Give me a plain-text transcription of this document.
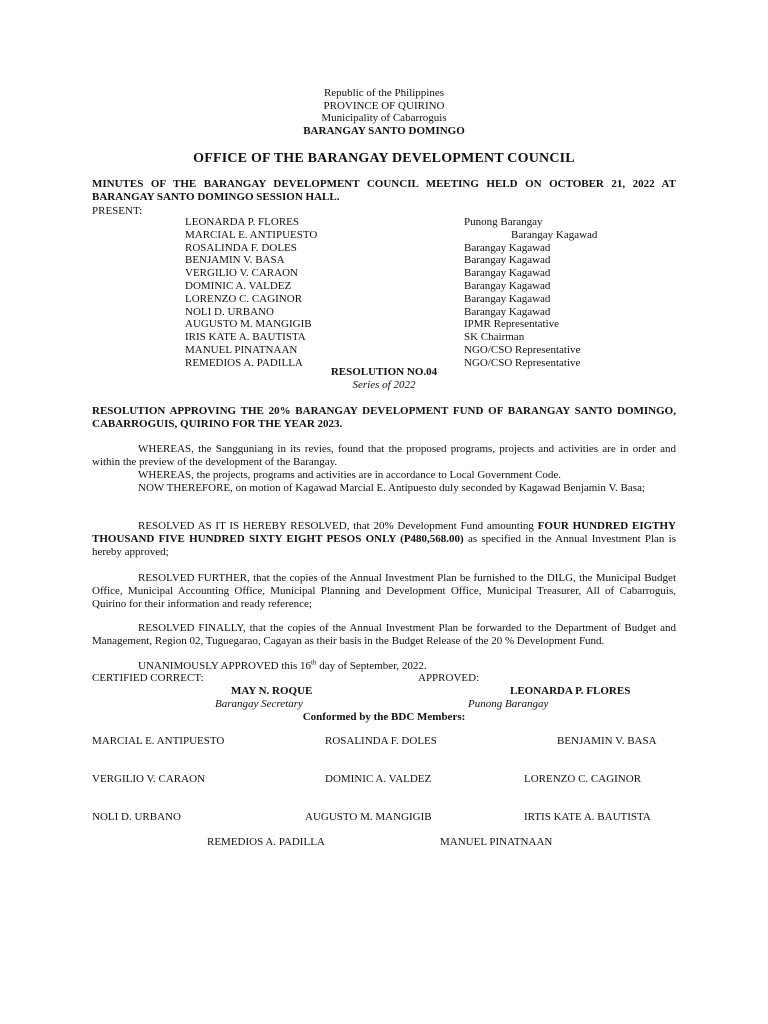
Republic of the Philippines
PROVINCE OF QUIRINO
Municipality of Cabarroguis
BARANGAY SANTO DOMINGO
OFFICE OF THE BARANGAY DEVELOPMENT COUNCIL
MINUTES OF THE BARANGAY DEVELOPMENT COUNCIL MEETING HELD ON OCTOBER 21, 2022 AT BARANGAY SANTO DOMINGO SESSION HALL.
PRESENT:
LEONARDA P. FLORES	Punong Barangay
MARCIAL E. ANTIPUESTO	Barangay Kagawad
ROSALINDA F. DOLES	Barangay Kagawad
BENJAMIN V. BASA	Barangay Kagawad
VERGILIO V. CARAON	Barangay Kagawad
DOMINIC A. VALDEZ	Barangay Kagawad
LORENZO C. CAGINOR	Barangay Kagawad
NOLI D. URBANO	Barangay Kagawad
AUGUSTO M. MANGIGIB	IPMR Representative
IRIS KATE A. BAUTISTA	SK Chairman
MANUEL PINATNAAN	NGO/CSO Representative
REMEDIOS A. PADILLA	NGO/CSO Representative
RESOLUTION NO.04
Series of 2022
RESOLUTION APPROVING THE 20% BARANGAY DEVELOPMENT FUND OF BARANGAY SANTO DOMINGO, CABARROGUIS, QUIRINO FOR THE YEAR 2023.
WHEREAS, the Sangguniang in its revies, found that the proposed programs, projects and activities are in order and within the preview of the development of the Barangay.
WHEREAS, the projects, programs and activities are in accordance to Local Government Code.
NOW THEREFORE, on motion of Kagawad Marcial E. Antipuesto duly seconded by Kagawad Benjamin V. Basa;
RESOLVED AS IT IS HEREBY RESOLVED, that 20% Development Fund amounting FOUR HUNDRED EIGTHY THOUSAND FIVE HUNDRED SIXTY EIGHT PESOS ONLY (P480,568.00) as specified in the Annual Investment Plan is hereby approved;
RESOLVED FURTHER, that the copies of the Annual Investment Plan be furnished to the DILG, the Municipal Budget Office, Municipal Accounting Office, Municipal Planning and Development Office, Municipal Treasurer, All of Cabarroguis, Quirino for their information and ready reference;
RESOLVED FINALLY, that the copies of the Annual Investment Plan be forwarded to the Department of Budget and Management, Region 02, Tuguegarao, Cagayan as their basis in the Budget Release of the 20 % Development Fund.
UNANIMOUSLY APPROVED this 16th day of September, 2022.
CERTIFIED CORRECT:	APPROVED:
MAY N. ROQUE
Barangay Secretary
LEONARDA P. FLORES
Punong Barangay
Conformed by the BDC Members:
MARCIAL E. ANTIPUESTO	ROSALINDA F. DOLES	BENJAMIN V. BASA
VERGILIO V. CARAON	DOMINIC A. VALDEZ	LORENZO C. CAGINOR
NOLI D. URBANO	AUGUSTO M. MANGIGIB	IRTIS KATE A. BAUTISTA
REMEDIOS A. PADILLA	MANUEL PINATNAAN
